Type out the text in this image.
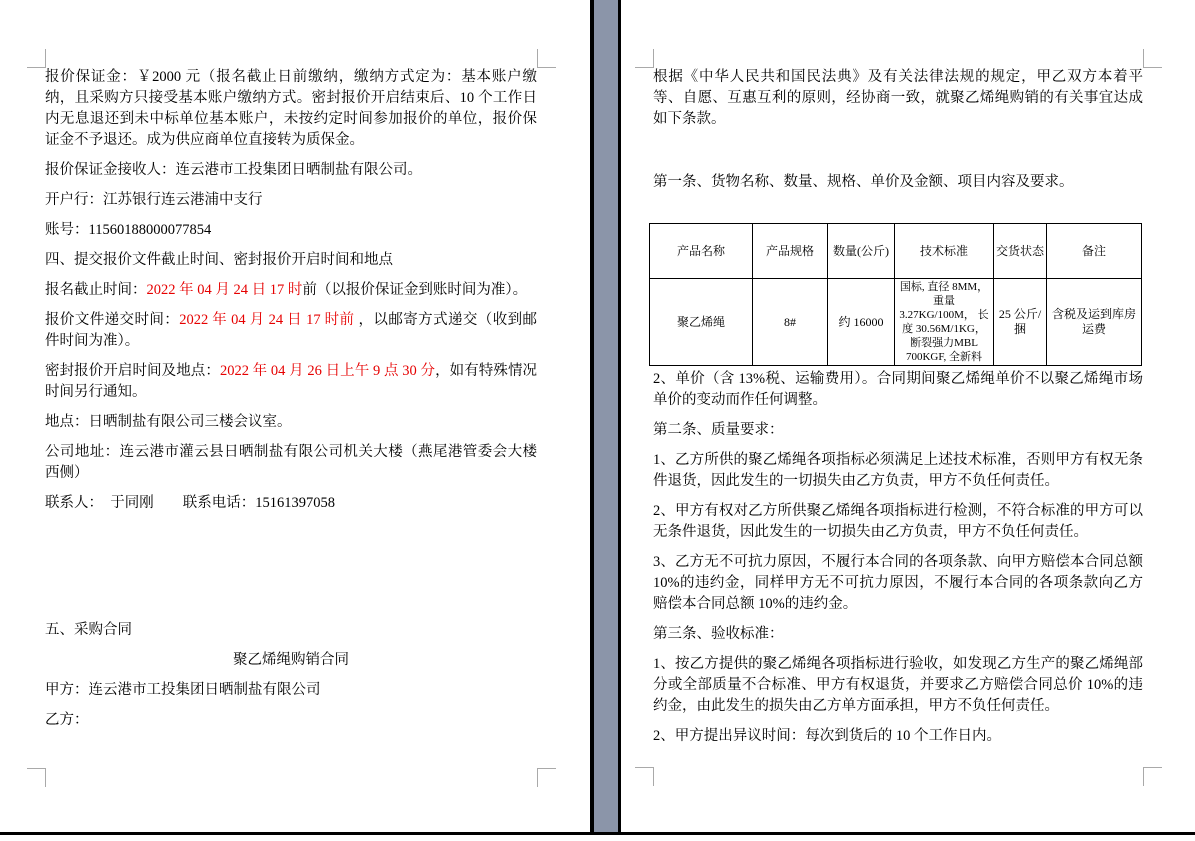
报价保证金：￥2000 元（报名截止日前缴纳，缴纳方式定为：基本账户缴纳，且采购方只接受基本账户缴纳方式。密封报价开启结束后、10 个工作日内无息退还到未中标单位基本账户，未按约定时间参加报价的单位，报价保证金不予退还。成为供应商单位直接转为质保金。

报价保证金接收人：连云港市工投集团日晒制盐有限公司。

开户行：江苏银行连云港浦中支行

账号：11560188000077854

四、提交报价文件截止时间、密封报价开启时间和地点

报名截止时间：2022 年 04 月 24 日 17 时前（以报价保证金到账时间为准）。

报价文件递交时间：2022 年 04 月 24 日 17 时前 ，以邮寄方式递交（收到邮件时间为准）。

密封报价开启时间及地点：2022 年 04 月 26 日上午 9 点 30 分，如有特殊情况时间另行通知。

地点：日晒制盐有限公司三楼会议室。

公司地址：连云港市灌云县日晒制盐有限公司机关大楼（燕尾港管委会大楼西侧）

联系人：  于同刚        联系电话：15161397058

五、采购合同

聚乙烯绳购销合同

甲方：连云港市工投集团日晒制盐有限公司

乙方：

根据《中华人民共和国民法典》及有关法律法规的规定，甲乙双方本着平等、自愿、互惠互利的原则，经协商一致，就聚乙烯绳购销的有关事宜达成如下条款。

第一条、货物名称、数量、规格、单价及金额、项目内容及要求。

产品名称	产品规格	数量(公斤)	技术标准	交货状态	备注
聚乙烯绳	8#	约 16000	国标, 直径 8MM，重量 3.27KG/100M， 长度 30.56M/1KG，断裂强力MBL 700KGF, 全新料	25 公斤/捆	含税及运到库房运费

2、单价（含 13%税、运输费用）。合同期间聚乙烯绳单价不以聚乙烯绳市场单价的变动而作任何调整。

第二条、质量要求：

1、乙方所供的聚乙烯绳各项指标必须满足上述技术标准，否则甲方有权无条件退货，因此发生的一切损失由乙方负责，甲方不负任何责任。

2、甲方有权对乙方所供聚乙烯绳各项指标进行检测，不符合标准的甲方可以无条件退货，因此发生的一切损失由乙方负责，甲方不负任何责任。

3、乙方无不可抗力原因，不履行本合同的各项条款、向甲方赔偿本合同总额 10%的违约金，同样甲方无不可抗力原因，不履行本合同的各项条款向乙方赔偿本合同总额 10%的违约金。

第三条、验收标准：

1、按乙方提供的聚乙烯绳各项指标进行验收，如发现乙方生产的聚乙烯绳部分或全部质量不合标准、甲方有权退货，并要求乙方赔偿合同总价 10%的违约金，由此发生的损失由乙方单方面承担，甲方不负任何责任。

2、甲方提出异议时间：每次到货后的 10 个工作日内。
